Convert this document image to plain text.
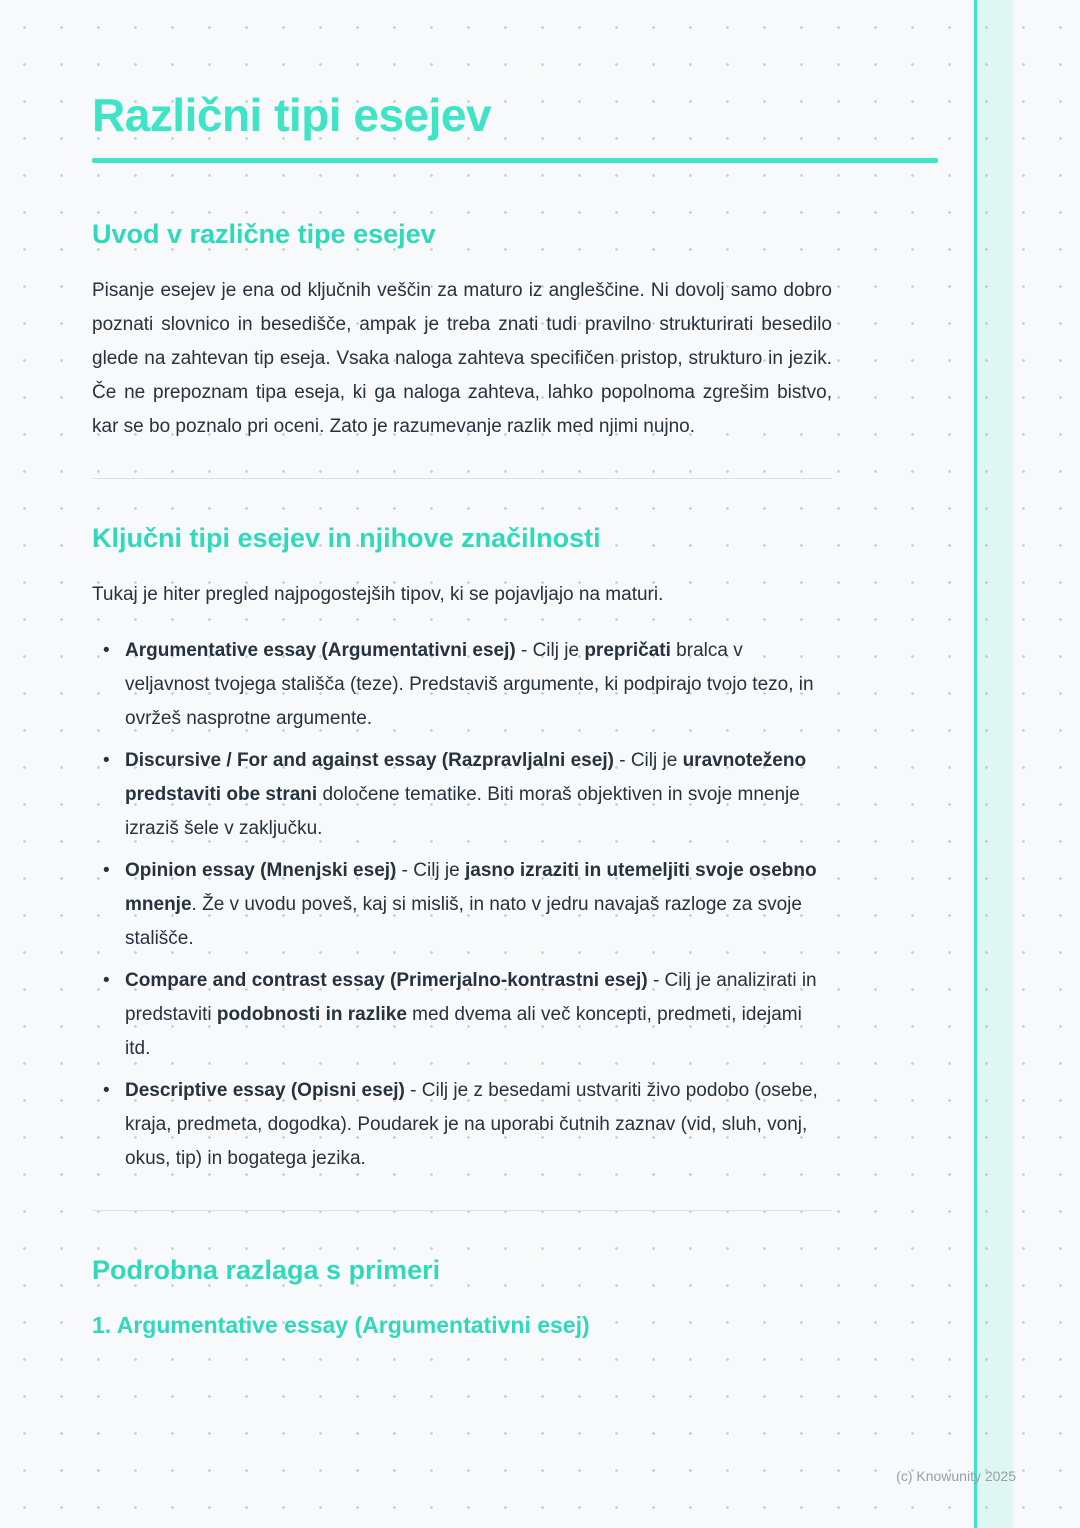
Različni tipi esejev
Uvod v različne tipe esejev

Pisanje esejev je ena od ključnih veščin za maturo iz angleščine. Ni dovolj samo dobro poznati slovnico in besedišče, ampak je treba znati tudi pravilno strukturirati besedilo glede na zahtevan tip eseja. Vsaka naloga zahteva specifičen pristop, strukturo in jezik. Če ne prepoznam tipa eseja, ki ga naloga zahteva, lahko popolnoma zgrešim bistvo, kar se bo poznalo pri oceni. Zato je razumevanje razlik med njimi nujno.

Ključni tipi esejev in njihove značilnosti

Tukaj je hiter pregled najpogostejših tipov, ki se pojavljajo na maturi.

• Argumentative essay (Argumentativni esej) - Cilj je prepričati bralca v veljavnost tvojega stališča (teze). Predstaviš argumente, ki podpirajo tvojo tezo, in ovržeš nasprotne argumente.
• Discursive / For and against essay (Razpravljalni esej) - Cilj je uravnoteženo predstaviti obe strani določene tematike. Biti moraš objektiven in svoje mnenje izraziš šele v zaključku.
• Opinion essay (Mnenjski esej) - Cilj je jasno izraziti in utemeljiti svoje osebno mnenje. Že v uvodu poveš, kaj si misliš, in nato v jedru navajaš razloge za svoje stališče.
• Compare and contrast essay (Primerjalno-kontrastni esej) - Cilj je analizirati in predstaviti podobnosti in razlike med dvema ali več koncepti, predmeti, idejami itd.
• Descriptive essay (Opisni esej) - Cilj je z besedami ustvariti živo podobo (osebe, kraja, predmeta, dogodka). Poudarek je na uporabi čutnih zaznav (vid, sluh, vonj, okus, tip) in bogatega jezika.
Podrobna razlaga s primeri
1. Argumentative essay (Argumentativni esej)
(c) Knowunity 2025
